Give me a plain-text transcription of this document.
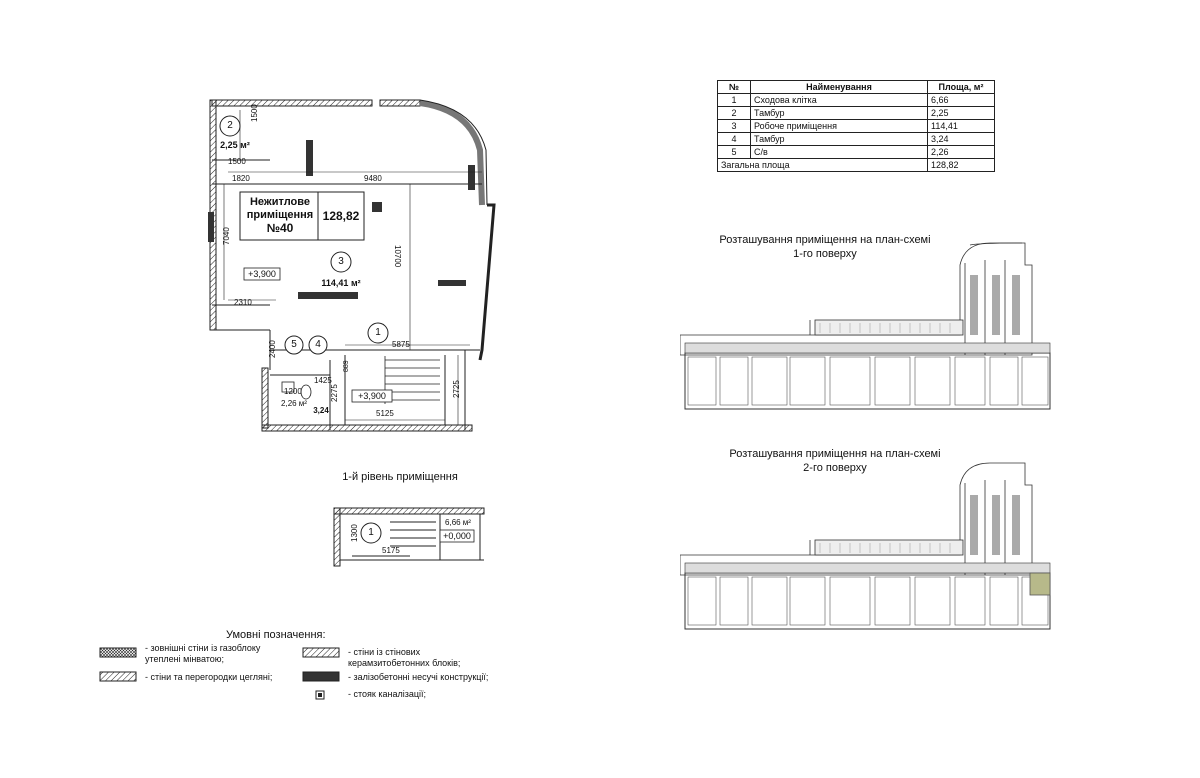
Нежитлове
приміщення
№40
128,82
2
2,25 м²
3
114,41 м²
1
5	4
2,26 м²
3,24
+3,900
+3,900
1500
1500
1820	9480
7040
10700
2310
2400	5875
889
1425
1200	2275
5125
2725
1-й рівень приміщення
1
6,66 м²
+0,000
1300
5175
№	Найменування	Площа, м²
1	Сходова клітка	6,66
2	Тамбур	2,25
3	Робоче приміщення	114,41
4	Тамбур	3,24
5	С/в	2,26
Загальна площа		128,82
Розташування приміщення на план-схемі
1-го поверху
Розташування приміщення на план-схемі
2-го поверху
Умовні позначення:
- зовнішні стіни із газоблоку
утеплені мінватою;
- стіни та перегородки цегляні;
- стіни із стінових
керамзитобетонних блоків;
- залізобетонні несучі конструкції;
- стояк каналізації;
